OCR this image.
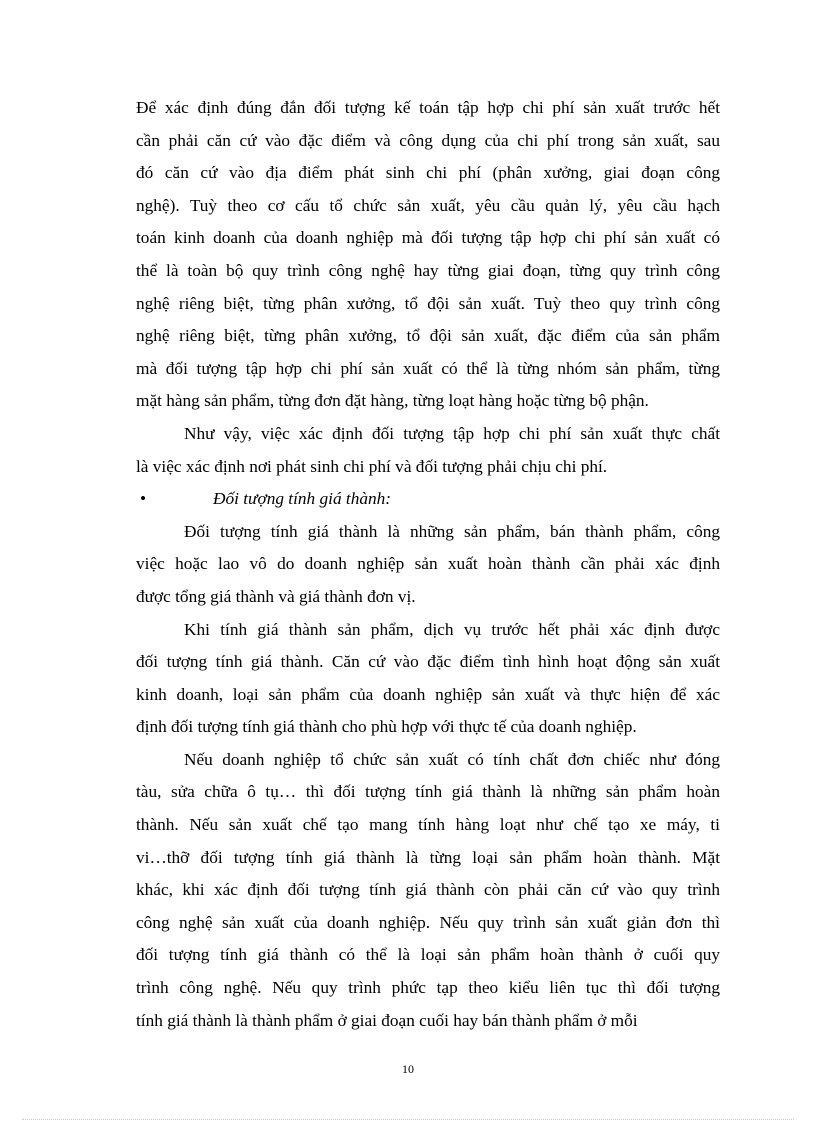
Để xác định đúng đắn đối tượng kế toán tập hợp chi phí sản xuất trước hết
cần phải căn cứ vào đặc điểm và công dụng của chi phí trong sản xuất, sau
đó căn cứ vào địa điểm phát sinh chi phí (phân xưởng, giai đoạn công
nghệ). Tuỳ theo cơ cấu tổ chức sản xuất, yêu cầu quản lý, yêu cầu hạch
toán kinh doanh của doanh nghiệp mà đối tượng tập hợp chi phí sản xuất có
thể là toàn bộ quy trình công nghệ hay từng giai đoạn, từng quy trình công
nghệ riêng biệt, từng phân xưởng, tổ đội sản xuất. Tuỳ theo quy trình công
nghệ riêng biệt, từng phân xưởng, tổ đội sản xuất, đặc điểm của sản phẩm
mà đối tượng tập hợp chi phí sản xuất có thể là từng nhóm sản phẩm, từng
mặt hàng sản phẩm, từng đơn đặt hàng, từng loạt hàng hoặc từng bộ phận.
Như vậy, việc xác định đối tượng tập hợp chi phí sản xuất thực chất
là việc xác định nơi phát sinh chi phí và đối tượng phải chịu chi phí.
•	Đối tượng tính giá thành:
Đối tượng tính giá thành là những sản phẩm, bán thành phẩm, công
việc hoặc lao vô do doanh nghiệp sản xuất hoàn thành cần phải xác định
được tổng giá thành và giá thành đơn vị.
Khi tính giá thành sản phẩm, dịch vụ trước hết phải xác định được
đối tượng tính giá thành. Căn cứ vào đặc điểm tình hình hoạt động sản xuất
kinh doanh, loại sản phẩm của doanh nghiệp sản xuất và thực hiện để xác
định đối tượng tính giá thành cho phù hợp với thực tế của doanh nghiệp.
Nếu doanh nghiệp tổ chức sản xuất có tính chất đơn chiếc như đóng
tàu, sửa chữa ô tụ… thì đối tượng tính giá thành là những sản phẩm hoàn
thành. Nếu sản xuất chế tạo mang tính hàng loạt như chế tạo xe máy, ti
vi…thỡ đối tượng tính giá thành là từng loại sản phẩm hoàn thành. Mặt
khác, khi xác định đối tượng tính giá thành còn phải căn cứ vào quy trình
công nghệ sản xuất của doanh nghiệp. Nếu quy trình sản xuất giản đơn thì
đối tượng tính giá thành có thể là loại sản phẩm hoàn thành ở cuối quy
trình công nghệ. Nếu quy trình phức tạp theo kiểu liên tục thì đối tượng
tính giá thành là thành phẩm ở giai đoạn cuối hay bán thành phẩm ở mỗi
10
